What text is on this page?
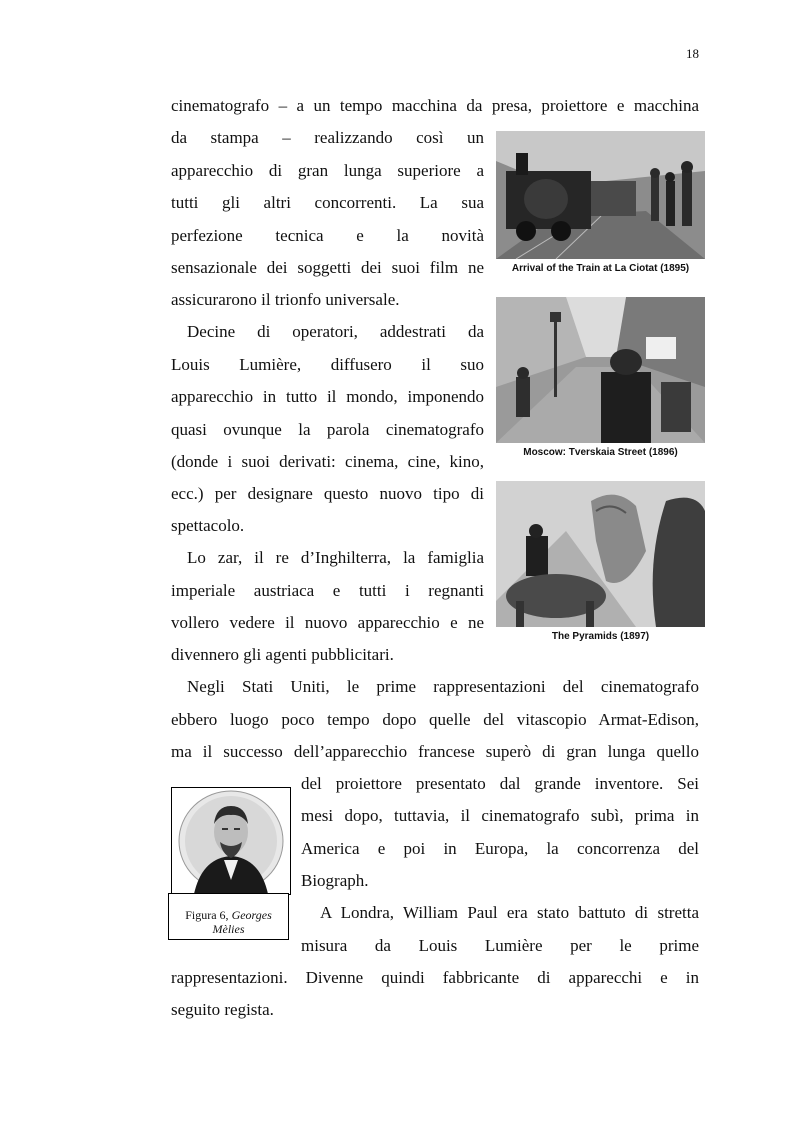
18
cinematografo – a un tempo macchina da presa, proiettore e macchina
da stampa – realizzando così un
apparecchio di gran lunga superiore a
tutti gli altri concorrenti. La sua
perfezione tecnica e la novità
sensazionale dei soggetti dei suoi film ne
assicurarono il trionfo universale.
Decine di operatori, addestrati da
Louis Lumière, diffusero il suo
apparecchio in tutto il mondo, imponendo
quasi ovunque la parola cinematografo
(donde i suoi derivati: cinema, cine, kino,
ecc.) per designare questo nuovo tipo di
spettacolo.
Lo zar, il re d’Inghilterra, la famiglia
imperiale austriaca e tutti i regnanti
vollero vedere il nuovo apparecchio e ne
divennero gli agenti pubblicitari.
Negli Stati Uniti, le prime rappresentazioni del cinematografo
ebbero luogo poco tempo dopo quelle del vitascopio Armat-Edison,
ma il successo dell’apparecchio francese superò di gran lunga quello
del proiettore presentato dal grande inventore. Sei
mesi dopo, tuttavia, il cinematografo subì, prima in
America e poi in Europa, la concorrenza del
Biograph.
A Londra, William Paul era stato battuto di stretta
misura da Louis Lumière per le prime
rappresentazioni. Divenne quindi fabbricante di apparecchi e in
seguito regista.
Arrival of the Train at La Ciotat (1895)
Moscow: Tverskaia Street (1896)
The Pyramids (1897)
Figura 6, Georges Mèlies
